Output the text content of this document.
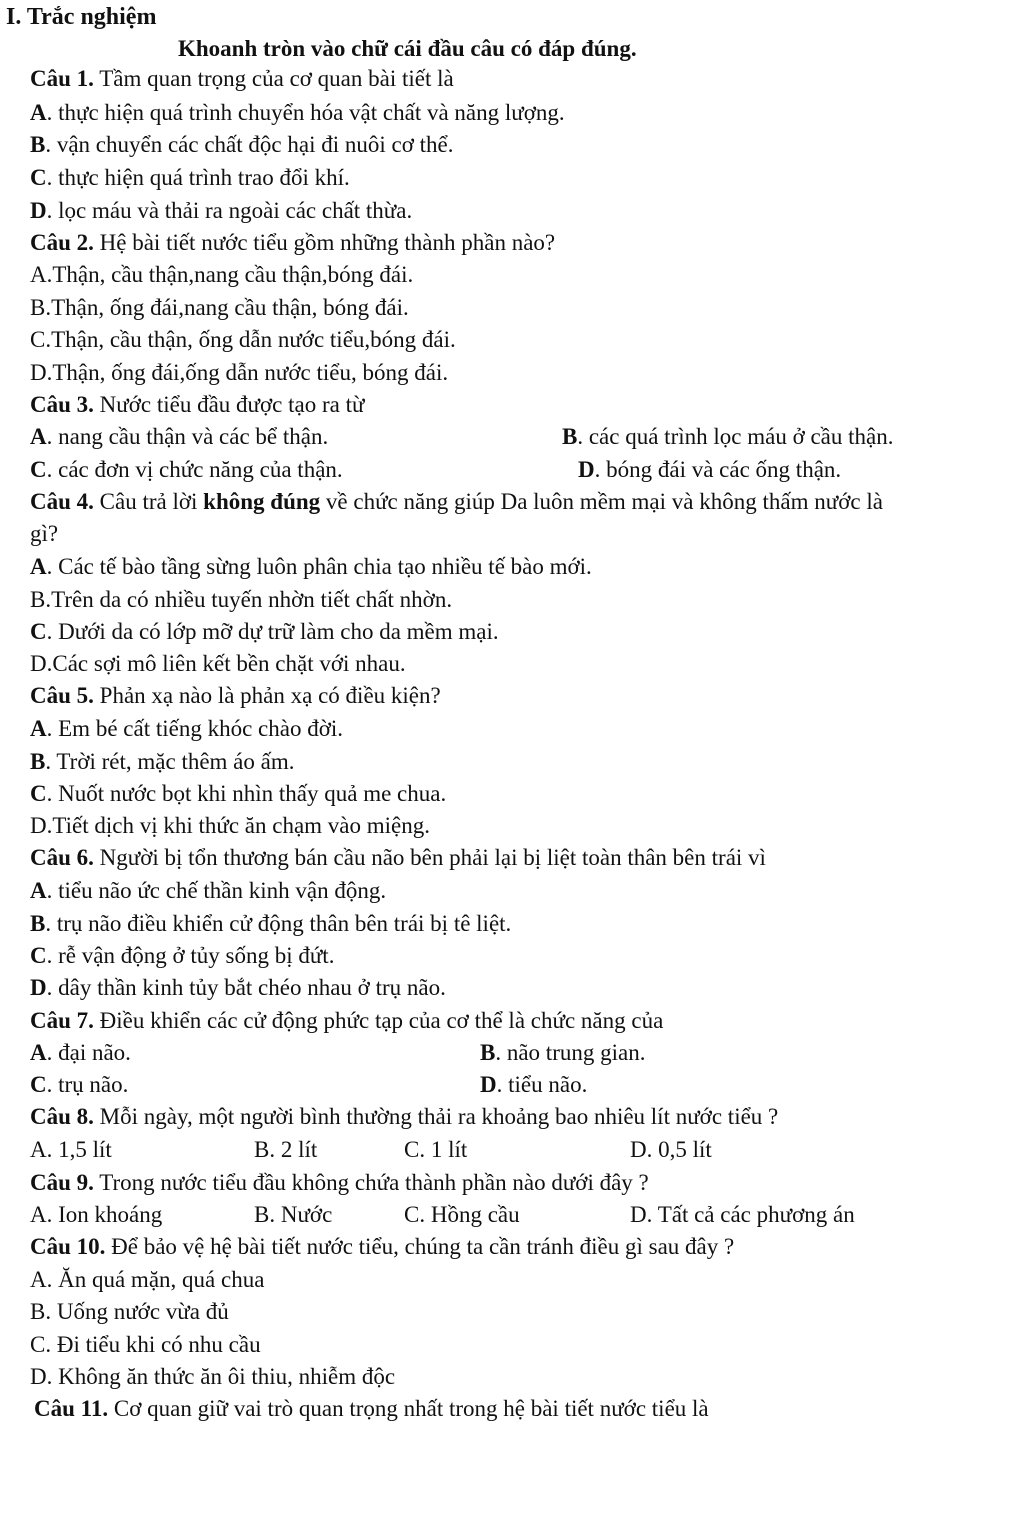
I. Trắc nghiệm
Khoanh tròn vào chữ cái đầu câu có đáp đúng.
Câu 1. Tầm quan trọng của cơ quan bài tiết là
A. thực hiện quá trình chuyển hóa vật chất và năng lượng.
B. vận chuyển các chất độc hại đi nuôi cơ thể.
C. thực hiện quá trình trao đổi khí.
D. lọc máu và thải ra ngoài các chất thừa.
Câu 2. Hệ bài tiết nước tiểu gồm những thành phần nào?
A.Thận, cầu thận,nang cầu thận,bóng đái.
B.Thận, ống đái,nang cầu thận, bóng đái.
C.Thận, cầu thận, ống dẫn nước tiểu,bóng đái.
D.Thận, ống đái,ống dẫn nước tiểu, bóng đái.
Câu 3. Nước tiểu đầu được tạo ra từ
A. nang cầu thận và các bể thận.	B. các quá trình lọc máu ở cầu thận.
C. các đơn vị chức năng của thận.	D. bóng đái và các ống thận.
Câu 4. Câu trả lời không đúng về chức năng giúp Da luôn mềm mại và không thấm nước là
gì?
A. Các tế bào tầng sừng luôn phân chia tạo nhiều tế bào mới.
B.Trên da có nhiều tuyến nhờn tiết chất nhờn.
C. Dưới da có lớp mỡ dự trữ làm cho da mềm mại.
D.Các sợi mô liên kết bền chặt với nhau.
Câu 5. Phản xạ nào là phản xạ có điều kiện?
A. Em bé cất tiếng khóc chào đời.
B. Trời rét, mặc thêm áo ấm.
C. Nuốt nước bọt khi nhìn thấy quả me chua.
D.Tiết dịch vị khi thức ăn chạm vào miệng.
Câu 6. Người bị tổn thương bán cầu não bên phải lại bị liệt toàn thân bên trái vì
A. tiểu não ức chế thần kinh vận động.
B. trụ não điều khiển cử động thân bên trái bị tê liệt.
C. rễ vận động ở tủy sống bị đứt.
D. dây thần kinh tủy bắt chéo nhau ở trụ não.
Câu 7. Điều khiển các cử động phức tạp của cơ thể là chức năng của
A. đại não.	B. não trung gian.
C. trụ não.	D. tiểu não.
Câu 8. Mỗi ngày, một người bình thường thải ra khoảng bao nhiêu lít nước tiểu ?
A. 1,5 lít	B. 2 lít	C. 1 lít	D. 0,5 lít
Câu 9. Trong nước tiểu đầu không chứa thành phần nào dưới đây ?
A. Ion khoáng	B. Nước	C. Hồng cầu	D. Tất cả các phương án
Câu 10. Để bảo vệ hệ bài tiết nước tiểu, chúng ta cần tránh điều gì sau đây ?
A. Ăn quá mặn, quá chua
B. Uống nước vừa đủ
C. Đi tiểu khi có nhu cầu
D. Không ăn thức ăn ôi thiu, nhiễm độc
Câu 11. Cơ quan giữ vai trò quan trọng nhất trong hệ bài tiết nước tiểu là
